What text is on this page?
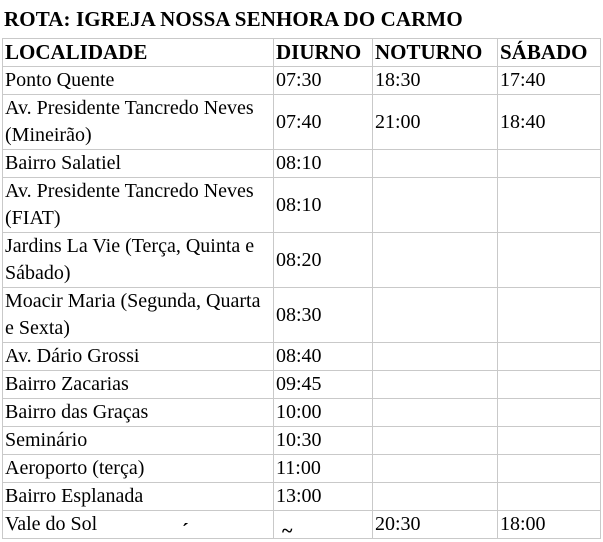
ROTA: IGREJA NOSSA SENHORA DO CARMO
LOCALIDADE	DIURNO	NOTURNO	SÁBADO
Ponto Quente	07:30	18:30	17:40
Av. Presidente Tancredo Neves (Mineirão)	07:40	21:00	18:40
Bairro Salatiel	08:10		
Av. Presidente Tancredo Neves (FIAT)	08:10		
Jardins La Vie (Terça, Quinta e Sábado)	08:20		
Moacir Maria (Segunda, Quarta e Sexta)	08:30		
Av. Dário Grossi	08:40		
Bairro Zacarias	09:45		
Bairro das Graças	10:00		
Seminário	10:30		
Aeroporto (terça)	11:00		
Bairro Esplanada	13:00		
Vale do Sol		20:30	18:00
´	~
